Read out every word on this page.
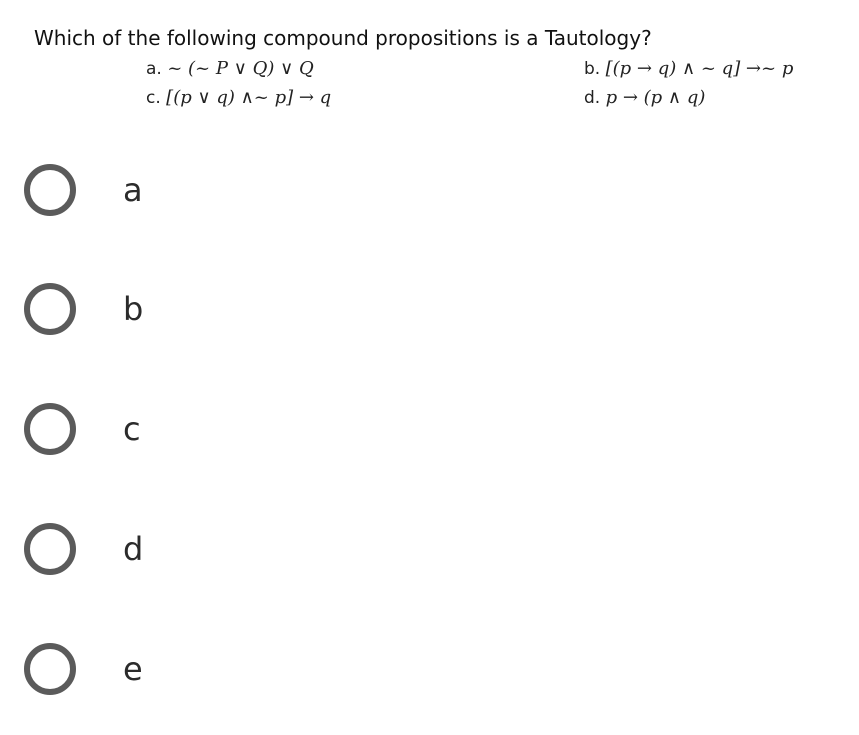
Which of the following compound propositions is a Tautology?
a. ~ (~ P ∨ Q) ∨ Q	b. [(p → q) ∧ ~ q] →~ p
c. [(p ∨ q) ∧~ p] → q	d. p → (p ∧ q)
a
b
c
d
e
